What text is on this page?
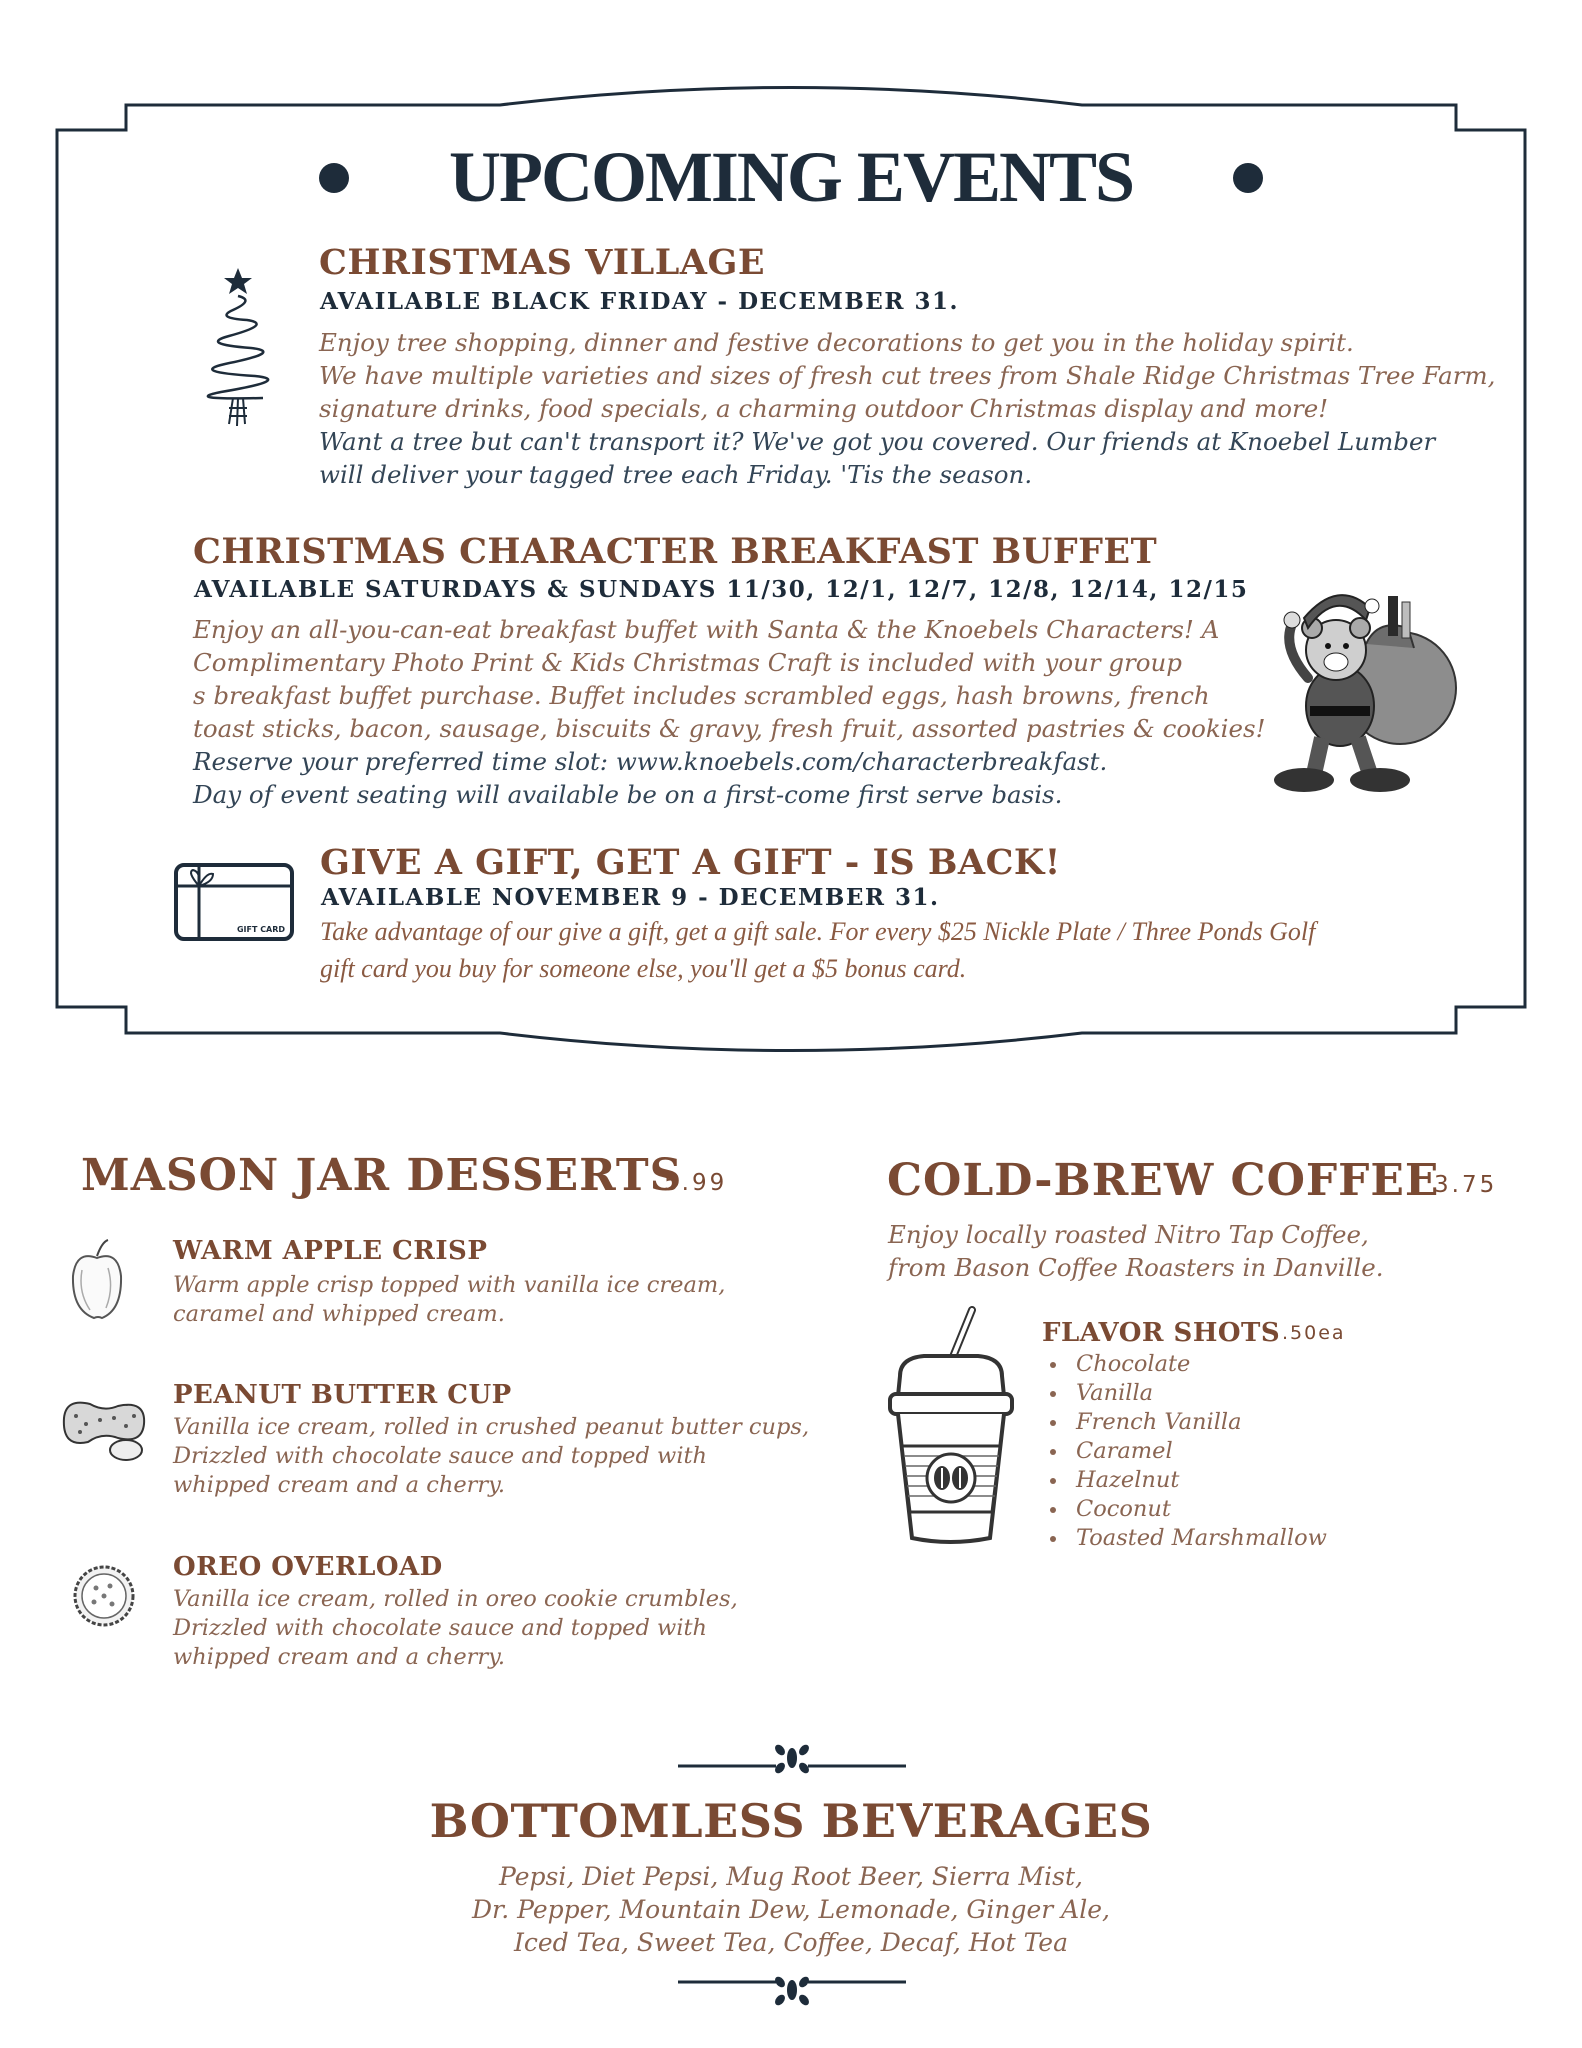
UPCOMING EVENTS
CHRISTMAS VILLAGE
AVAILABLE BLACK FRIDAY - DECEMBER 31.
Enjoy tree shopping, dinner and festive decorations to get you in the holiday spirit.
We have multiple varieties and sizes of fresh cut trees from Shale Ridge Christmas Tree Farm,
signature drinks, food specials, a charming outdoor Christmas display and more!
Want a tree but can't transport it? We've got you covered. Our friends at Knoebel Lumber
will deliver your tagged tree each Friday. 'Tis the season.
CHRISTMAS CHARACTER BREAKFAST BUFFET
AVAILABLE SATURDAYS & SUNDAYS 11/30, 12/1, 12/7, 12/8, 12/14, 12/15
Enjoy an all-you-can-eat breakfast buffet with Santa & the Knoebels Characters! A
Complimentary Photo Print & Kids Christmas Craft is included with your group
s breakfast buffet purchase. Buffet includes scrambled eggs, hash browns, french
toast sticks, bacon, sausage, biscuits & gravy, fresh fruit, assorted pastries & cookies!
Reserve your preferred time slot: www.knoebels.com/characterbreakfast.
Day of event seating will available be on a first-come first serve basis.
GIFT CARD
GIVE A GIFT, GET A GIFT - IS BACK!
AVAILABLE NOVEMBER 9 - DECEMBER 31.
Take advantage of our give a gift, get a gift sale. For every $25 Nickle Plate / Three Ponds Golf
gift card you buy for someone else, you'll get a $5 bonus card.
MASON JAR DESSERTS
5.99
WARM APPLE CRISP
Warm apple crisp topped with vanilla ice cream,
caramel and whipped cream.
PEANUT BUTTER CUP
Vanilla ice cream, rolled in crushed peanut butter cups,
Drizzled with chocolate sauce and topped with
whipped cream and a cherry.
OREO OVERLOAD
Vanilla ice cream, rolled in oreo cookie crumbles,
Drizzled with chocolate sauce and topped with
whipped cream and a cherry.
COLD-BREW COFFEE
3.75
Enjoy locally roasted Nitro Tap Coffee,
from Bason Coffee Roasters in Danville.
FLAVOR SHOTS .50ea
Chocolate
Vanilla
French Vanilla
Caramel
Hazelnut
Coconut
Toasted Marshmallow
BOTTOMLESS BEVERAGES
Pepsi, Diet Pepsi, Mug Root Beer, Sierra Mist,
Dr. Pepper, Mountain Dew, Lemonade, Ginger Ale,
Iced Tea, Sweet Tea, Coffee, Decaf, Hot Tea
